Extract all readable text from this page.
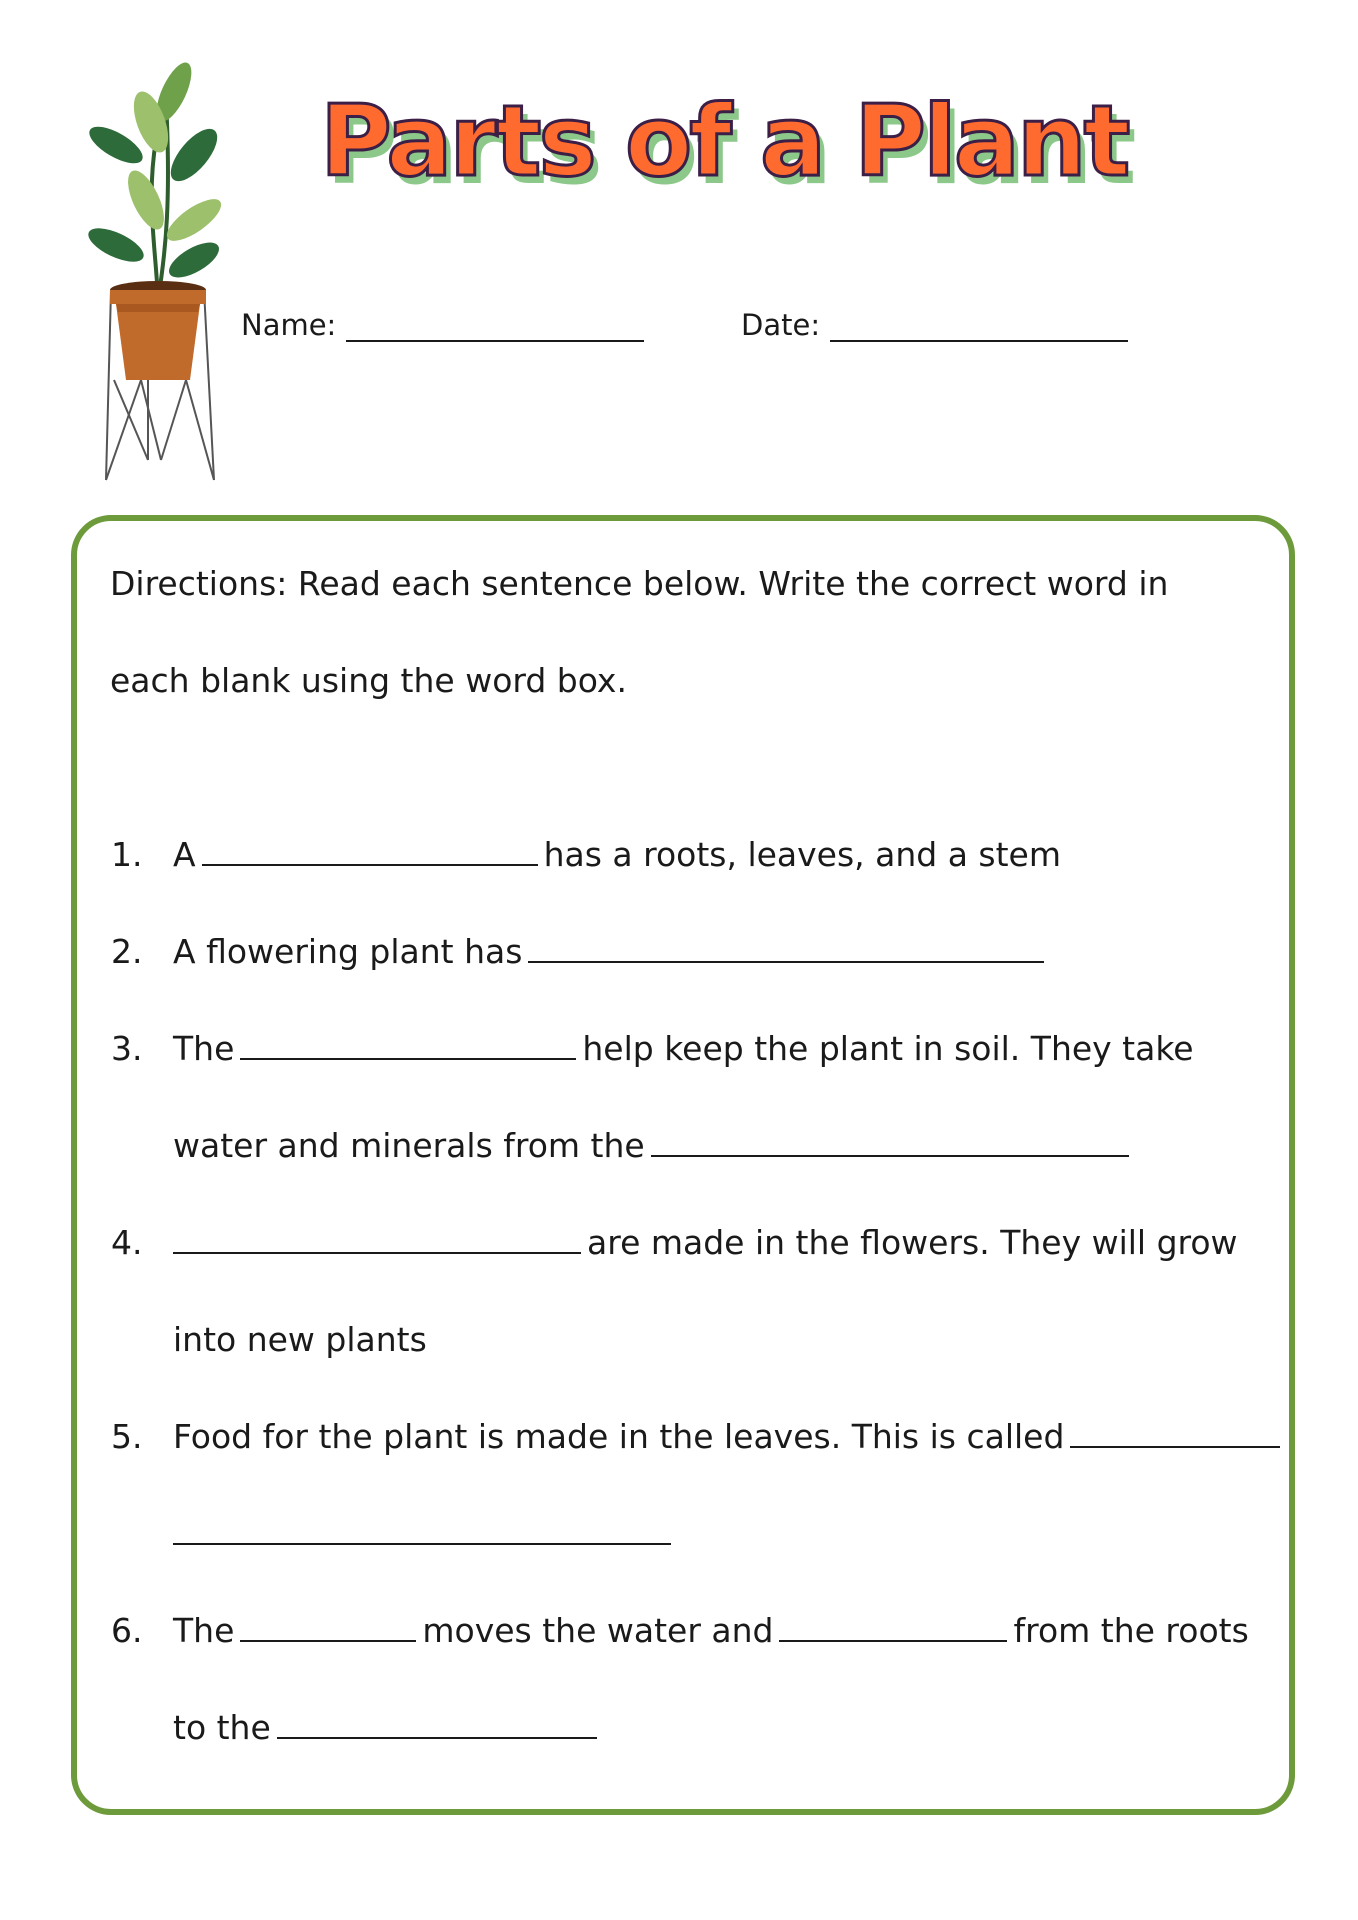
Parts of a Plant
Name:	Date:

Directions: Read each sentence below. Write the correct word in each blank using the word box.

1. A	has a roots, leaves, and a stem
2. A flowering plant has
3. The	help keep the plant in soil. They take
water and minerals from the
4.	are made in the flowers. They will grow
into new plants
5. Food for the plant is made in the leaves. This is called
6. The	moves the water and	from the roots
to the
